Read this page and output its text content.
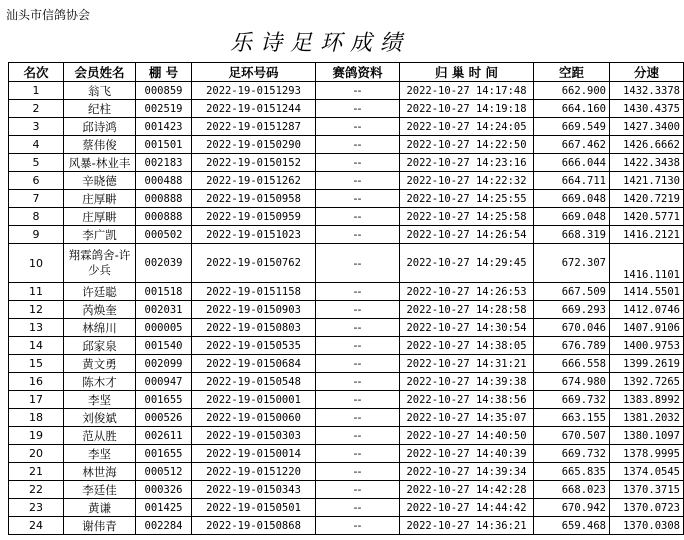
汕头市信鸽协会
乐诗足环成绩
名次	会员姓名	棚 号	足环号码	赛鸽资料	归 巢 时 间	空距	分速
1	翁飞	000859	2022-19-0151293	--	2022-10-27 14:17:48	662.900	1432.3378
2	纪柱	002519	2022-19-0151244	--	2022-10-27 14:19:18	664.160	1430.4375
3	邱诗鸿	001423	2022-19-0151287	--	2022-10-27 14:24:05	669.549	1427.3400
4	蔡伟俊	001501	2022-19-0150290	--	2022-10-27 14:22:50	667.462	1426.6662
5	风暴-林业丰	002183	2022-19-0150152	--	2022-10-27 14:23:16	666.044	1422.3438
6	辛晓德	000488	2022-19-0151262	--	2022-10-27 14:22:32	664.711	1421.7130
7	庄厚畊	000888	2022-19-0150958	--	2022-10-27 14:25:55	669.048	1420.7219
8	庄厚畊	000888	2022-19-0150959	--	2022-10-27 14:25:58	669.048	1420.5771
9	李广凯	000502	2022-19-0151023	--	2022-10-27 14:26:54	668.319	1416.2121
10	翔霖鸽舍-许少兵	002039	2022-19-0150762	--	2022-10-27 14:29:45	672.307	1416.1101
11	许廷聪	001518	2022-19-0151158	--	2022-10-27 14:26:53	667.509	1414.5501
12	芮焕奎	002031	2022-19-0150903	--	2022-10-27 14:28:58	669.293	1412.0746
13	林绵川	000005	2022-19-0150803	--	2022-10-27 14:30:54	670.046	1407.9106
14	邱家泉	001540	2022-19-0150535	--	2022-10-27 14:38:05	676.789	1400.9753
15	黄文勇	002099	2022-19-0150684	--	2022-10-27 14:31:21	666.558	1399.2619
16	陈木才	000947	2022-19-0150548	--	2022-10-27 14:39:38	674.980	1392.7265
17	李坚	001655	2022-19-0150001	--	2022-10-27 14:38:56	669.732	1383.8992
18	刘俊斌	000526	2022-19-0150060	--	2022-10-27 14:35:07	663.155	1381.2032
19	范从胜	002611	2022-19-0150303	--	2022-10-27 14:40:50	670.507	1380.1097
20	李坚	001655	2022-19-0150014	--	2022-10-27 14:40:39	669.732	1378.9995
21	林世海	000512	2022-19-0151220	--	2022-10-27 14:39:34	665.835	1374.0545
22	李廷佳	000326	2022-19-0150343	--	2022-10-27 14:42:28	668.023	1370.3715
23	黄谦	001425	2022-19-0150501	--	2022-10-27 14:44:42	670.942	1370.0723
24	谢伟青	002284	2022-19-0150868	--	2022-10-27 14:36:21	659.468	1370.0308
